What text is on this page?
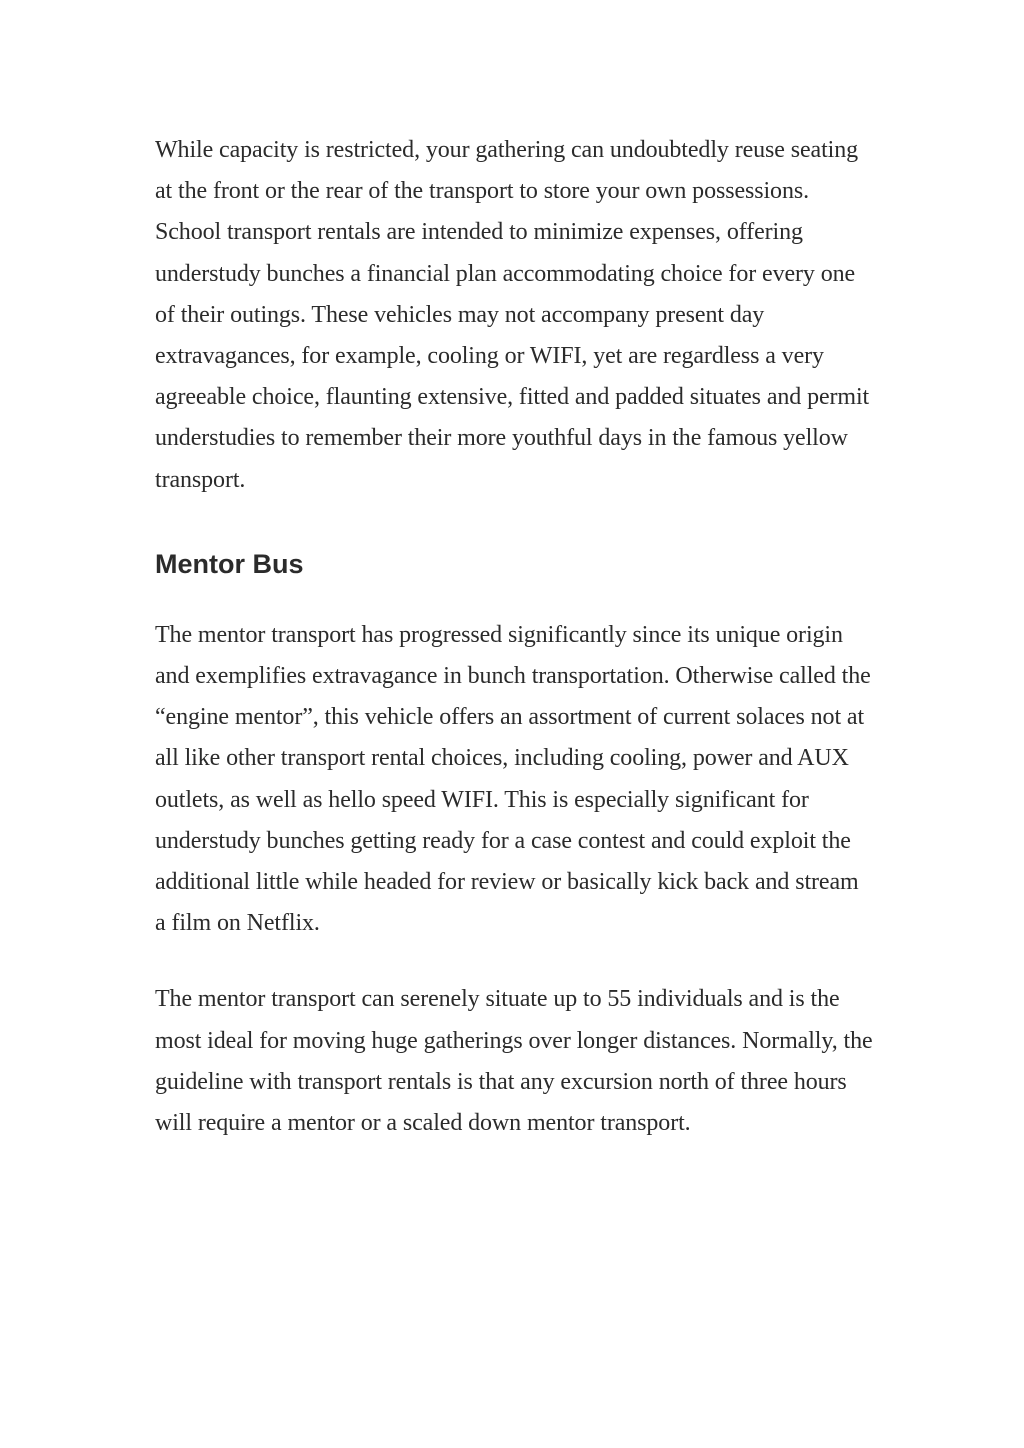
While capacity is restricted, your gathering can undoubtedly reuse seating at the front or the rear of the transport to store your own possessions. School transport rentals are intended to minimize expenses, offering understudy bunches a financial plan accommodating choice for every one of their outings. These vehicles may not accompany present day extravagances, for example, cooling or WIFI, yet are regardless a very agreeable choice, flaunting extensive, fitted and padded situates and permit understudies to remember their more youthful days in the famous yellow transport.

Mentor Bus

The mentor transport has progressed significantly since its unique origin and exemplifies extravagance in bunch transportation. Otherwise called the “engine mentor”, this vehicle offers an assortment of current solaces not at all like other transport rental choices, including cooling, power and AUX outlets, as well as hello speed WIFI. This is especially significant for understudy bunches getting ready for a case contest and could exploit the additional little while headed for review or basically kick back and stream a film on Netflix.

The mentor transport can serenely situate up to 55 individuals and is the most ideal for moving huge gatherings over longer distances. Normally, the guideline with transport rentals is that any excursion north of three hours will require a mentor or a scaled down mentor transport.
